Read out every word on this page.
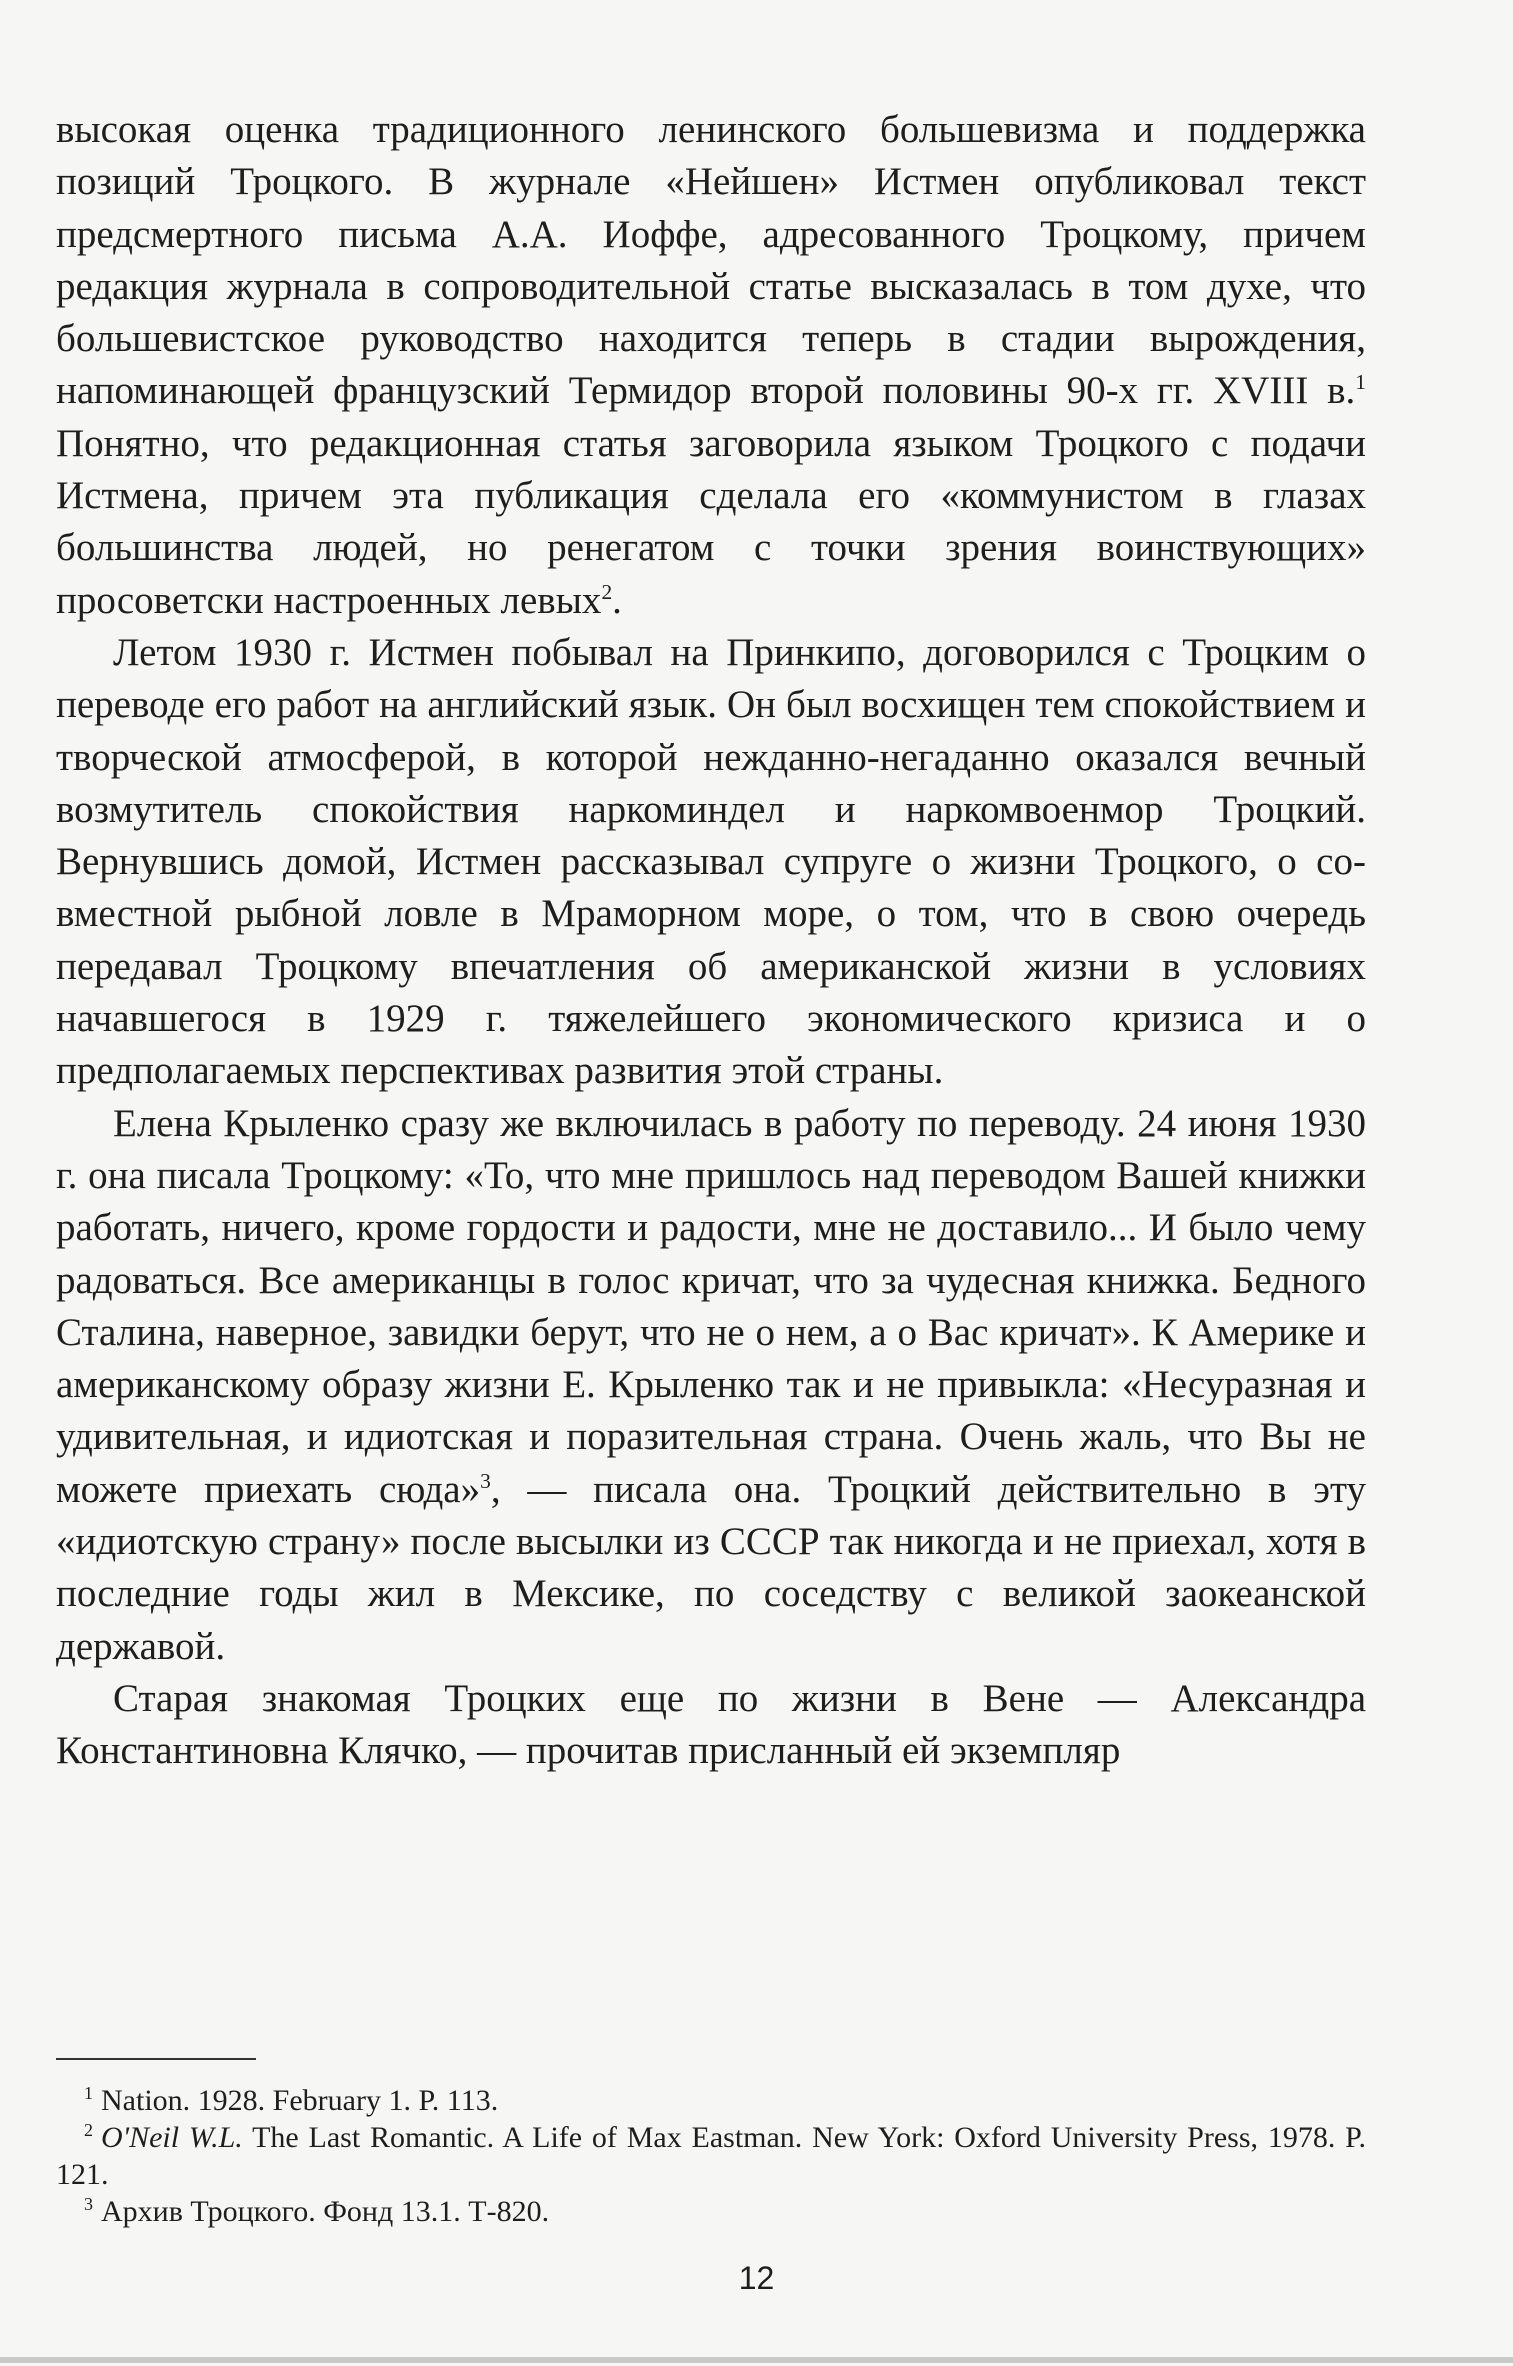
высокая оценка традиционного ленинского большевизма и поддержка позиций Троцкого. В журнале «Нейшен» Истмен опубликовал текст предсмертного письма А.А. Иоффе, адресованного Троцкому, причем редакция журнала в сопроводительной статье высказалась в том духе, что большевистское руководство находится теперь в стадии вырождения, напоминающей французский Термидор второй половины 90-х гг. XVIII в.$^1$ Понятно, что редакционная статья заговорила языком Троцкого с подачи Истмена, причем эта публикация сделала его «коммунистом в глазах большинства людей, но ренегатом с точки зрения воинствующих» просоветски настроенных левых$^2$.

Летом 1930 г. Истмен побывал на Принкипо, договорился с Троцким о переводе его работ на английский язык. Он был восхищен тем спокойствием и творческой атмосферой, в которой нежданно-негаданно оказался вечный возмутитель спокойствия наркоминдел и наркомвоенмор Троцкий. Вернувшись домой, Истмен рассказывал супруге о жизни Троцкого, о совместной рыбной ловле в Мраморном море, о том, что в свою очередь передавал Троцкому впечатления об американской жизни в условиях начавшегося в 1929 г. тяжелейшего экономического кризиса и о предполагаемых перспективах развития этой страны.

Елена Крыленко сразу же включилась в работу по переводу. 24 июня 1930 г. она писала Троцкому: «То, что мне пришлось над переводом Вашей книжки работать, ничего, кроме гордости и радости, мне не доставило... И было чему радоваться. Все американцы в голос кричат, что за чудесная книжка. Бедного Сталина, наверное, завидки берут, что не о нем, а о Вас кричат». К Америке и американскому образу жизни Е. Крыленко так и не привыкла: «Несуразная и удивительная, и идиотская и поразительная страна. Очень жаль, что Вы не можете приехать сюда»$^3$, — писала она. Троцкий действительно в эту «идиотскую страну» после высылки из СССР так никогда и не приехал, хотя в последние годы жил в Мексике, по соседству с великой заокеанской державой.

Старая знакомая Троцких еще по жизни в Вене — Александра Константиновна Клячко, — прочитав присланный ей экземпляр

$^1$ Nation. 1928. February 1. P. 113.

$^2$ O'Neil W.L. The Last Romantic. A Life of Max Eastman. New York: Oxford University Press, 1978. P. 121.

$^3$ Архив Троцкого. Фонд 13.1. Т-820.

12
